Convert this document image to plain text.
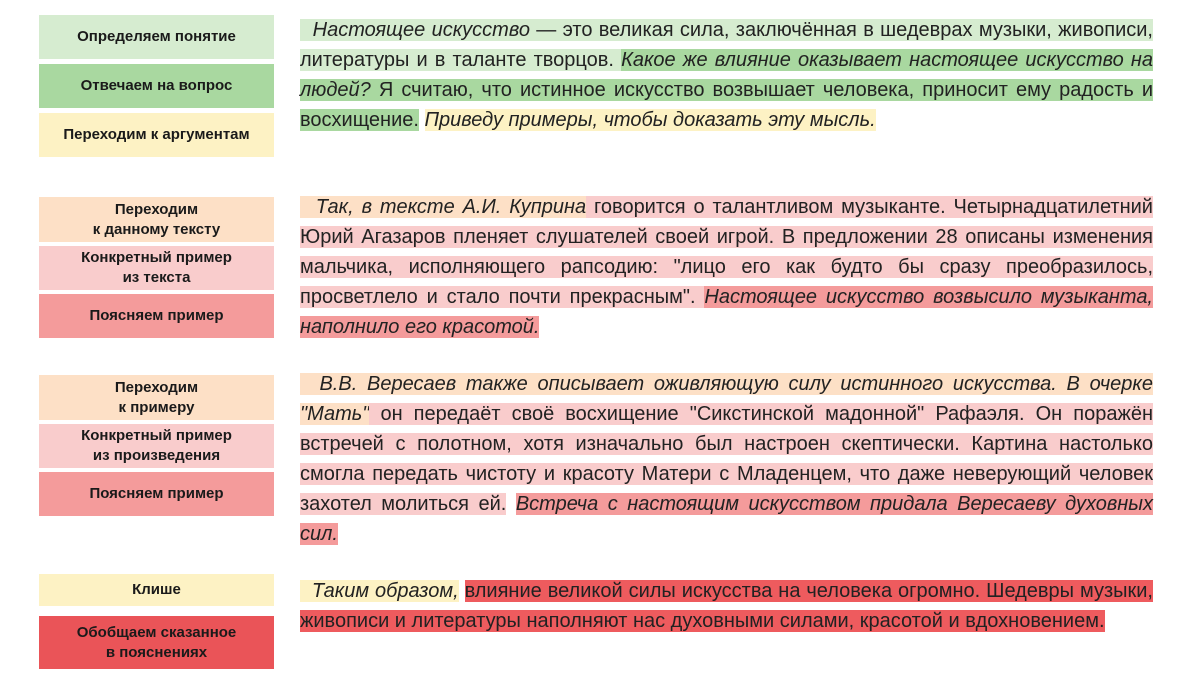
Определяем понятие
Отвечаем на вопрос
Переходим к аргументам
Переходим
к данному тексту
Конкретный пример
из текста
Поясняем пример
Переходим
к примеру
Конкретный пример
из произведения
Поясняем пример
Клише
Обобщаем сказанное
в пояснениях
Настоящее искусство — это великая сила, заключённая в шедеврах музыки, живописи, литературы и в таланте творцов. Какое же влияние оказывает настоящее искусство на людей? Я считаю, что истинное искусство возвышает человека, приносит ему радость и восхищение. Приведу примеры, чтобы доказать эту мысль.
Так, в тексте А.И. Куприна говорится о талантливом музыканте. Четырнадцатилетний Юрий Агазаров пленяет слушателей своей игрой. В предложении 28 описаны изменения мальчика, исполняющего рапсодию: "лицо его как будто бы сразу преобразилось, просветлело и стало почти прекрасным". Настоящее искусство возвысило музыканта, наполнило его красотой.
В.В. Вересаев также описывает оживляющую силу истинного искусства. В очерке "Мать" он передаёт своё восхищение "Сикстинской мадонной" Рафаэля. Он поражён встречей с полотном, хотя изначально был настроен скептически. Картина настолько смогла передать чистоту и красоту Матери с Младенцем, что даже неверующий человек захотел молиться ей. Встреча с настоящим искусством придала Вересаеву духовных сил.
Таким образом, влияние великой силы искусства на человека огромно. Шедевры музыки, живописи и литературы наполняют нас духовными силами, красотой и вдохновением.
